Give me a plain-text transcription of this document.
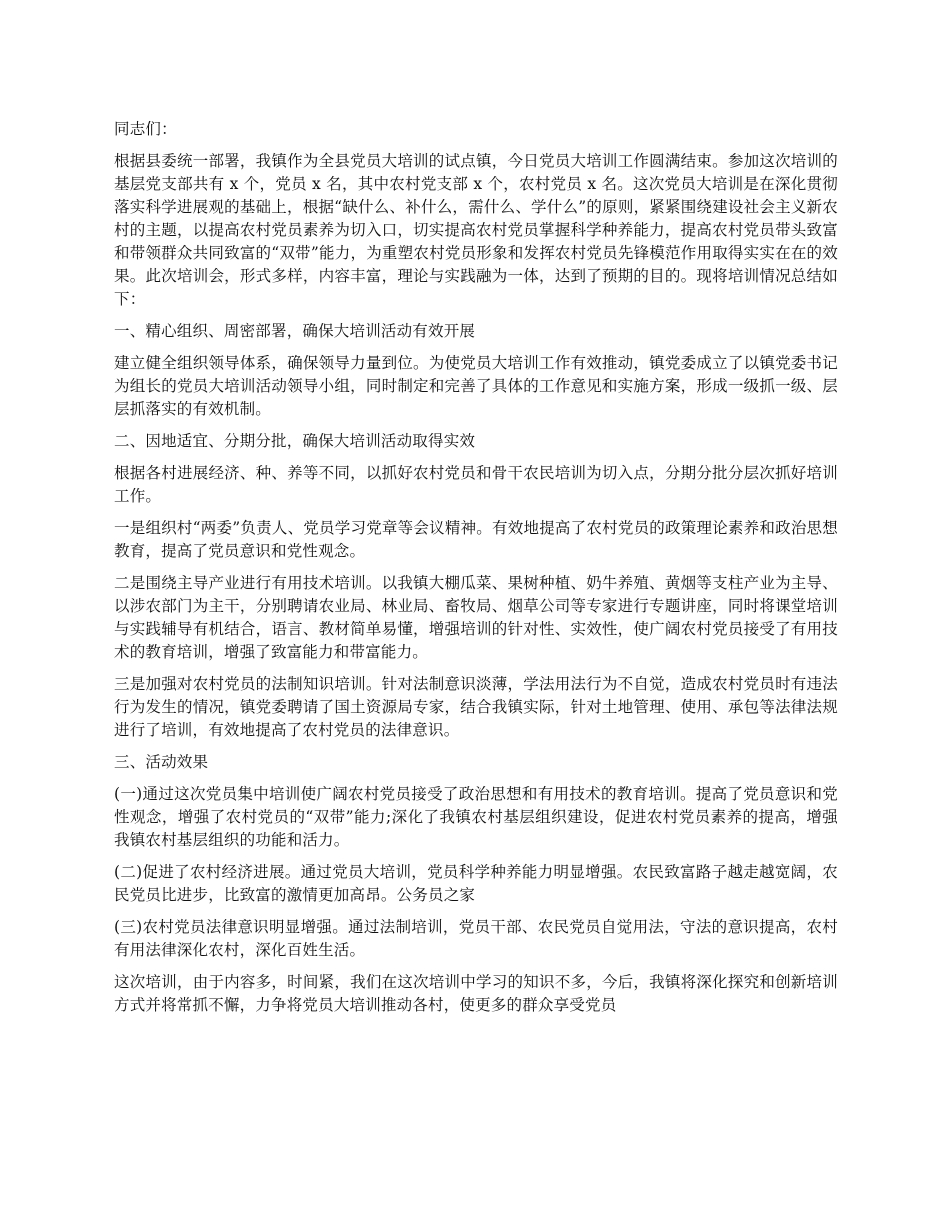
同志们：

根据县委统一部署，我镇作为全县党员大培训的试点镇，今日党员大培训工作圆满结束。参加这次培训的基层党支部共有 x 个，党员 x 名，其中农村党支部 x 个，农村党员 x 名。这次党员大培训是在深化贯彻落实科学进展观的基础上，根据“缺什么、补什么，需什么、学什么”的原则，紧紧围绕建设社会主义新农村的主题，以提高农村党员素养为切入口，切实提高农村党员掌握科学种养能力，提高农村党员带头致富和带领群众共同致富的“双带”能力，为重塑农村党员形象和发挥农村党员先锋模范作用取得实实在在的效果。此次培训会，形式多样，内容丰富，理论与实践融为一体，达到了预期的目的。现将培训情况总结如下：

一、精心组织、周密部署，确保大培训活动有效开展

建立健全组织领导体系，确保领导力量到位。为使党员大培训工作有效推动，镇党委成立了以镇党委书记为组长的党员大培训活动领导小组，同时制定和完善了具体的工作意见和实施方案，形成一级抓一级、层层抓落实的有效机制。

二、因地适宜、分期分批，确保大培训活动取得实效

根据各村进展经济、种、养等不同，以抓好农村党员和骨干农民培训为切入点，分期分批分层次抓好培训工作。

一是组织村“两委”负责人、党员学习党章等会议精神。有效地提高了农村党员的政策理论素养和政治思想教育，提高了党员意识和党性观念。

二是围绕主导产业进行有用技术培训。以我镇大棚瓜菜、果树种植、奶牛养殖、黄烟等支柱产业为主导、以涉农部门为主干，分别聘请农业局、林业局、畜牧局、烟草公司等专家进行专题讲座，同时将课堂培训与实践辅导有机结合，语言、教材简单易懂，增强培训的针对性、实效性，使广阔农村党员接受了有用技术的教育培训，增强了致富能力和带富能力。

三是加强对农村党员的法制知识培训。针对法制意识淡薄，学法用法行为不自觉，造成农村党员时有违法行为发生的情况，镇党委聘请了国土资源局专家，结合我镇实际，针对土地管理、使用、承包等法律法规进行了培训，有效地提高了农村党员的法律意识。

三、活动效果

(一)通过这次党员集中培训使广阔农村党员接受了政治思想和有用技术的教育培训。提高了党员意识和党性观念，增强了农村党员的“双带”能力;深化了我镇农村基层组织建设，促进农村党员素养的提高，增强我镇农村基层组织的功能和活力。

(二)促进了农村经济进展。通过党员大培训，党员科学种养能力明显增强。农民致富路子越走越宽阔，农民党员比进步，比致富的激情更加高昂。公务员之家

(三)农村党员法律意识明显增强。通过法制培训，党员干部、农民党员自觉用法，守法的意识提高，农村有用法律深化农村，深化百姓生活。

这次培训，由于内容多，时间紧，我们在这次培训中学习的知识不多，今后，我镇将深化探究和创新培训方式并将常抓不懈，力争将党员大培训推动各村，使更多的群众享受党员
